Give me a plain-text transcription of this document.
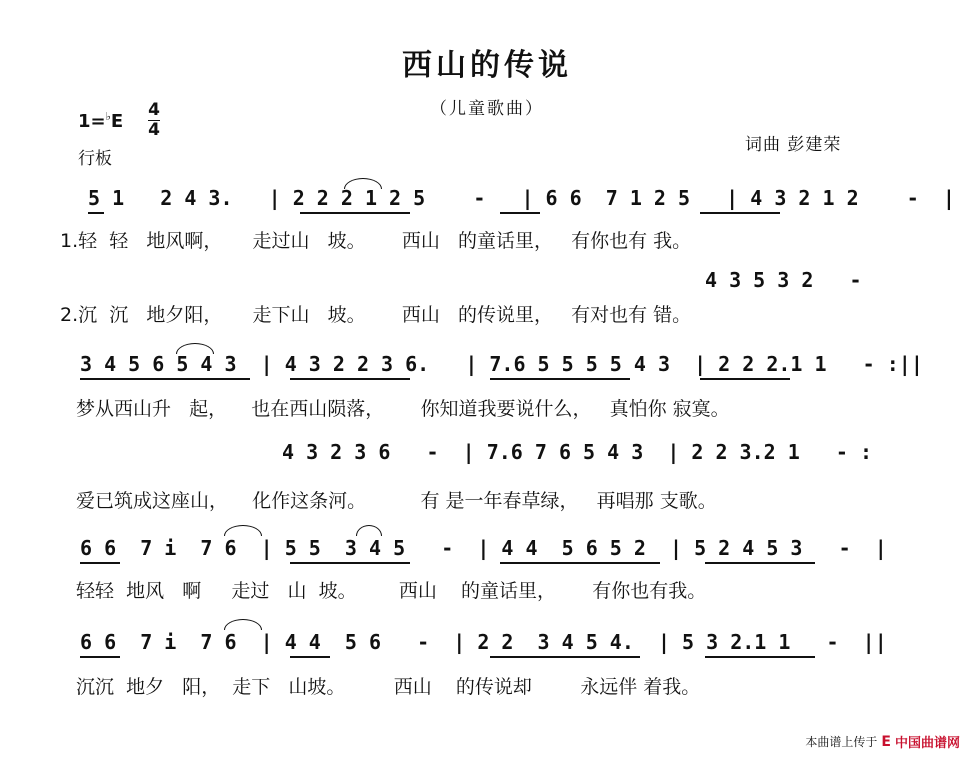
西山的传说
（儿童歌曲）
1=♭E
4
4
行板
词曲 彭建荣
5 1   2 4 3.   | 2 2 2 1 2 5    -   | 6 6  7 1 2 5   | 4 3 2 1 2    -  |
1.轻  轻   地风啊，     走过山   坡。      西山   的童话里，   有你也有 我。
4 3 5 3 2   -
2.沉  沉   地夕阳，     走下山   坡。      西山   的传说里，   有对也有 错。
3 4 5 6 5 4 3  | 4 3 2 2 3 6.   | 7.6 5 5 5 5 4 3  | 2 2 2.1 1   - :||
梦从西山升   起，    也在西山陨落，      你知道我要说什么，   真怕你 寂寞。
4 3 2 3 6   -  | 7.6 7 6 5 4 3  | 2 2 3.2 1   - :
爱已筑成这座山，    化作这条河。         有 是一年春草绿，   再唱那 支歌。
6 6  7 i  7 6  | 5 5  3 4 5   -  | 4 4  5 6 5 2  | 5 2 4 5 3   -  |
轻轻  地风   啊     走过   山  坡。       西山    的童话里，      有你也有我。
6 6  7 i  7 6  | 4 4  5 6   -  | 2 2  3 4 5 4.  | 5 3 2.1 1   -  ||
沉沉  地夕   阳，  走下   山坡。        西山    的传说却        永远伴 着我。
本曲谱上传于 E 中国曲谱网
